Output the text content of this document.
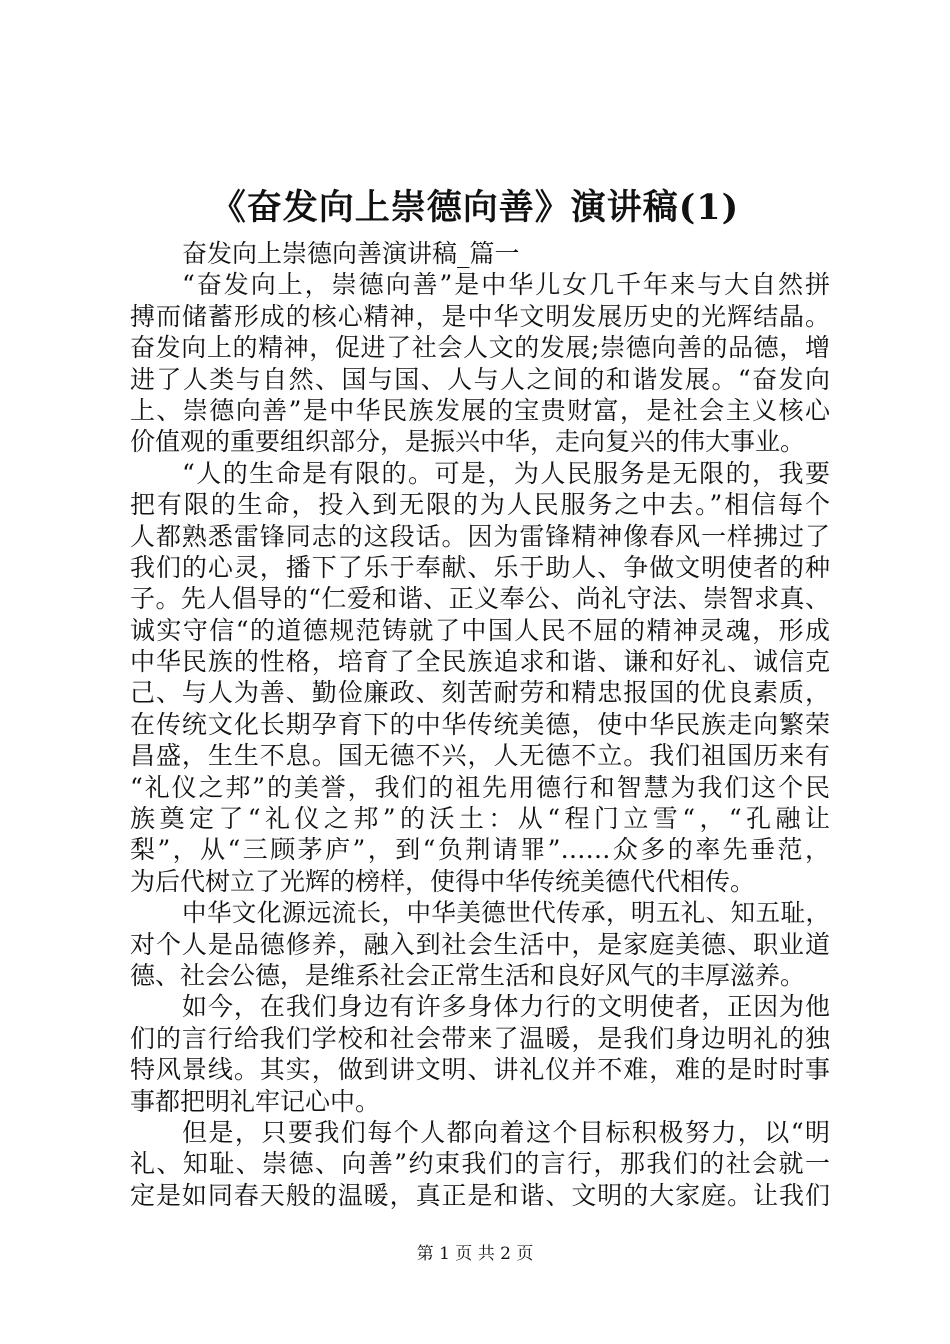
《奋发向上崇德向善》演讲稿(1)
奋发向上崇德向善演讲稿_篇一
“奋发向上，崇德向善”是中华儿女几千年来与大自然拼
搏而储蓄形成的核心精神，是中华文明发展历史的光辉结晶。
奋发向上的精神，促进了社会人文的发展;崇德向善的品德，增
进了人类与自然、国与国、人与人之间的和谐发展。“奋发向
上、崇德向善”是中华民族发展的宝贵财富，是社会主义核心
价值观的重要组织部分，是振兴中华，走向复兴的伟大事业。
“人的生命是有限的。可是，为人民服务是无限的，我要
把有限的生命，投入到无限的为人民服务之中去。”相信每个
人都熟悉雷锋同志的这段话。因为雷锋精神像春风一样拂过了
我们的心灵，播下了乐于奉献、乐于助人、争做文明使者的种
子。先人倡导的“仁爱和谐、正义奉公、尚礼守法、崇智求真、
诚实守信“的道德规范铸就了中国人民不屈的精神灵魂，形成
中华民族的性格，培育了全民族追求和谐、谦和好礼、诚信克
己、与人为善、勤俭廉政、刻苦耐劳和精忠报国的优良素质，
在传统文化长期孕育下的中华传统美德，使中华民族走向繁荣
昌盛，生生不息。国无德不兴，人无德不立。我们祖国历来有
“礼仪之邦”的美誉，我们的祖先用德行和智慧为我们这个民
族奠定了“礼仪之邦”的沃土：从“程门立雪“，“孔融让
梨”，从“三顾茅庐”，到“负荆请罪”……众多的率先垂范，
为后代树立了光辉的榜样，使得中华传统美德代代相传。
中华文化源远流长，中华美德世代传承，明五礼、知五耻，
对个人是品德修养，融入到社会生活中，是家庭美德、职业道
德、社会公德，是维系社会正常生活和良好风气的丰厚滋养。
如今，在我们身边有许多身体力行的文明使者，正因为他
们的言行给我们学校和社会带来了温暖，是我们身边明礼的独
特风景线。其实，做到讲文明、讲礼仪并不难，难的是时时事
事都把明礼牢记心中。
但是，只要我们每个人都向着这个目标积极努力，以“明
礼、知耻、崇德、向善”约束我们的言行，那我们的社会就一
定是如同春天般的温暖，真正是和谐、文明的大家庭。让我们
第 1 页 共 2 页
